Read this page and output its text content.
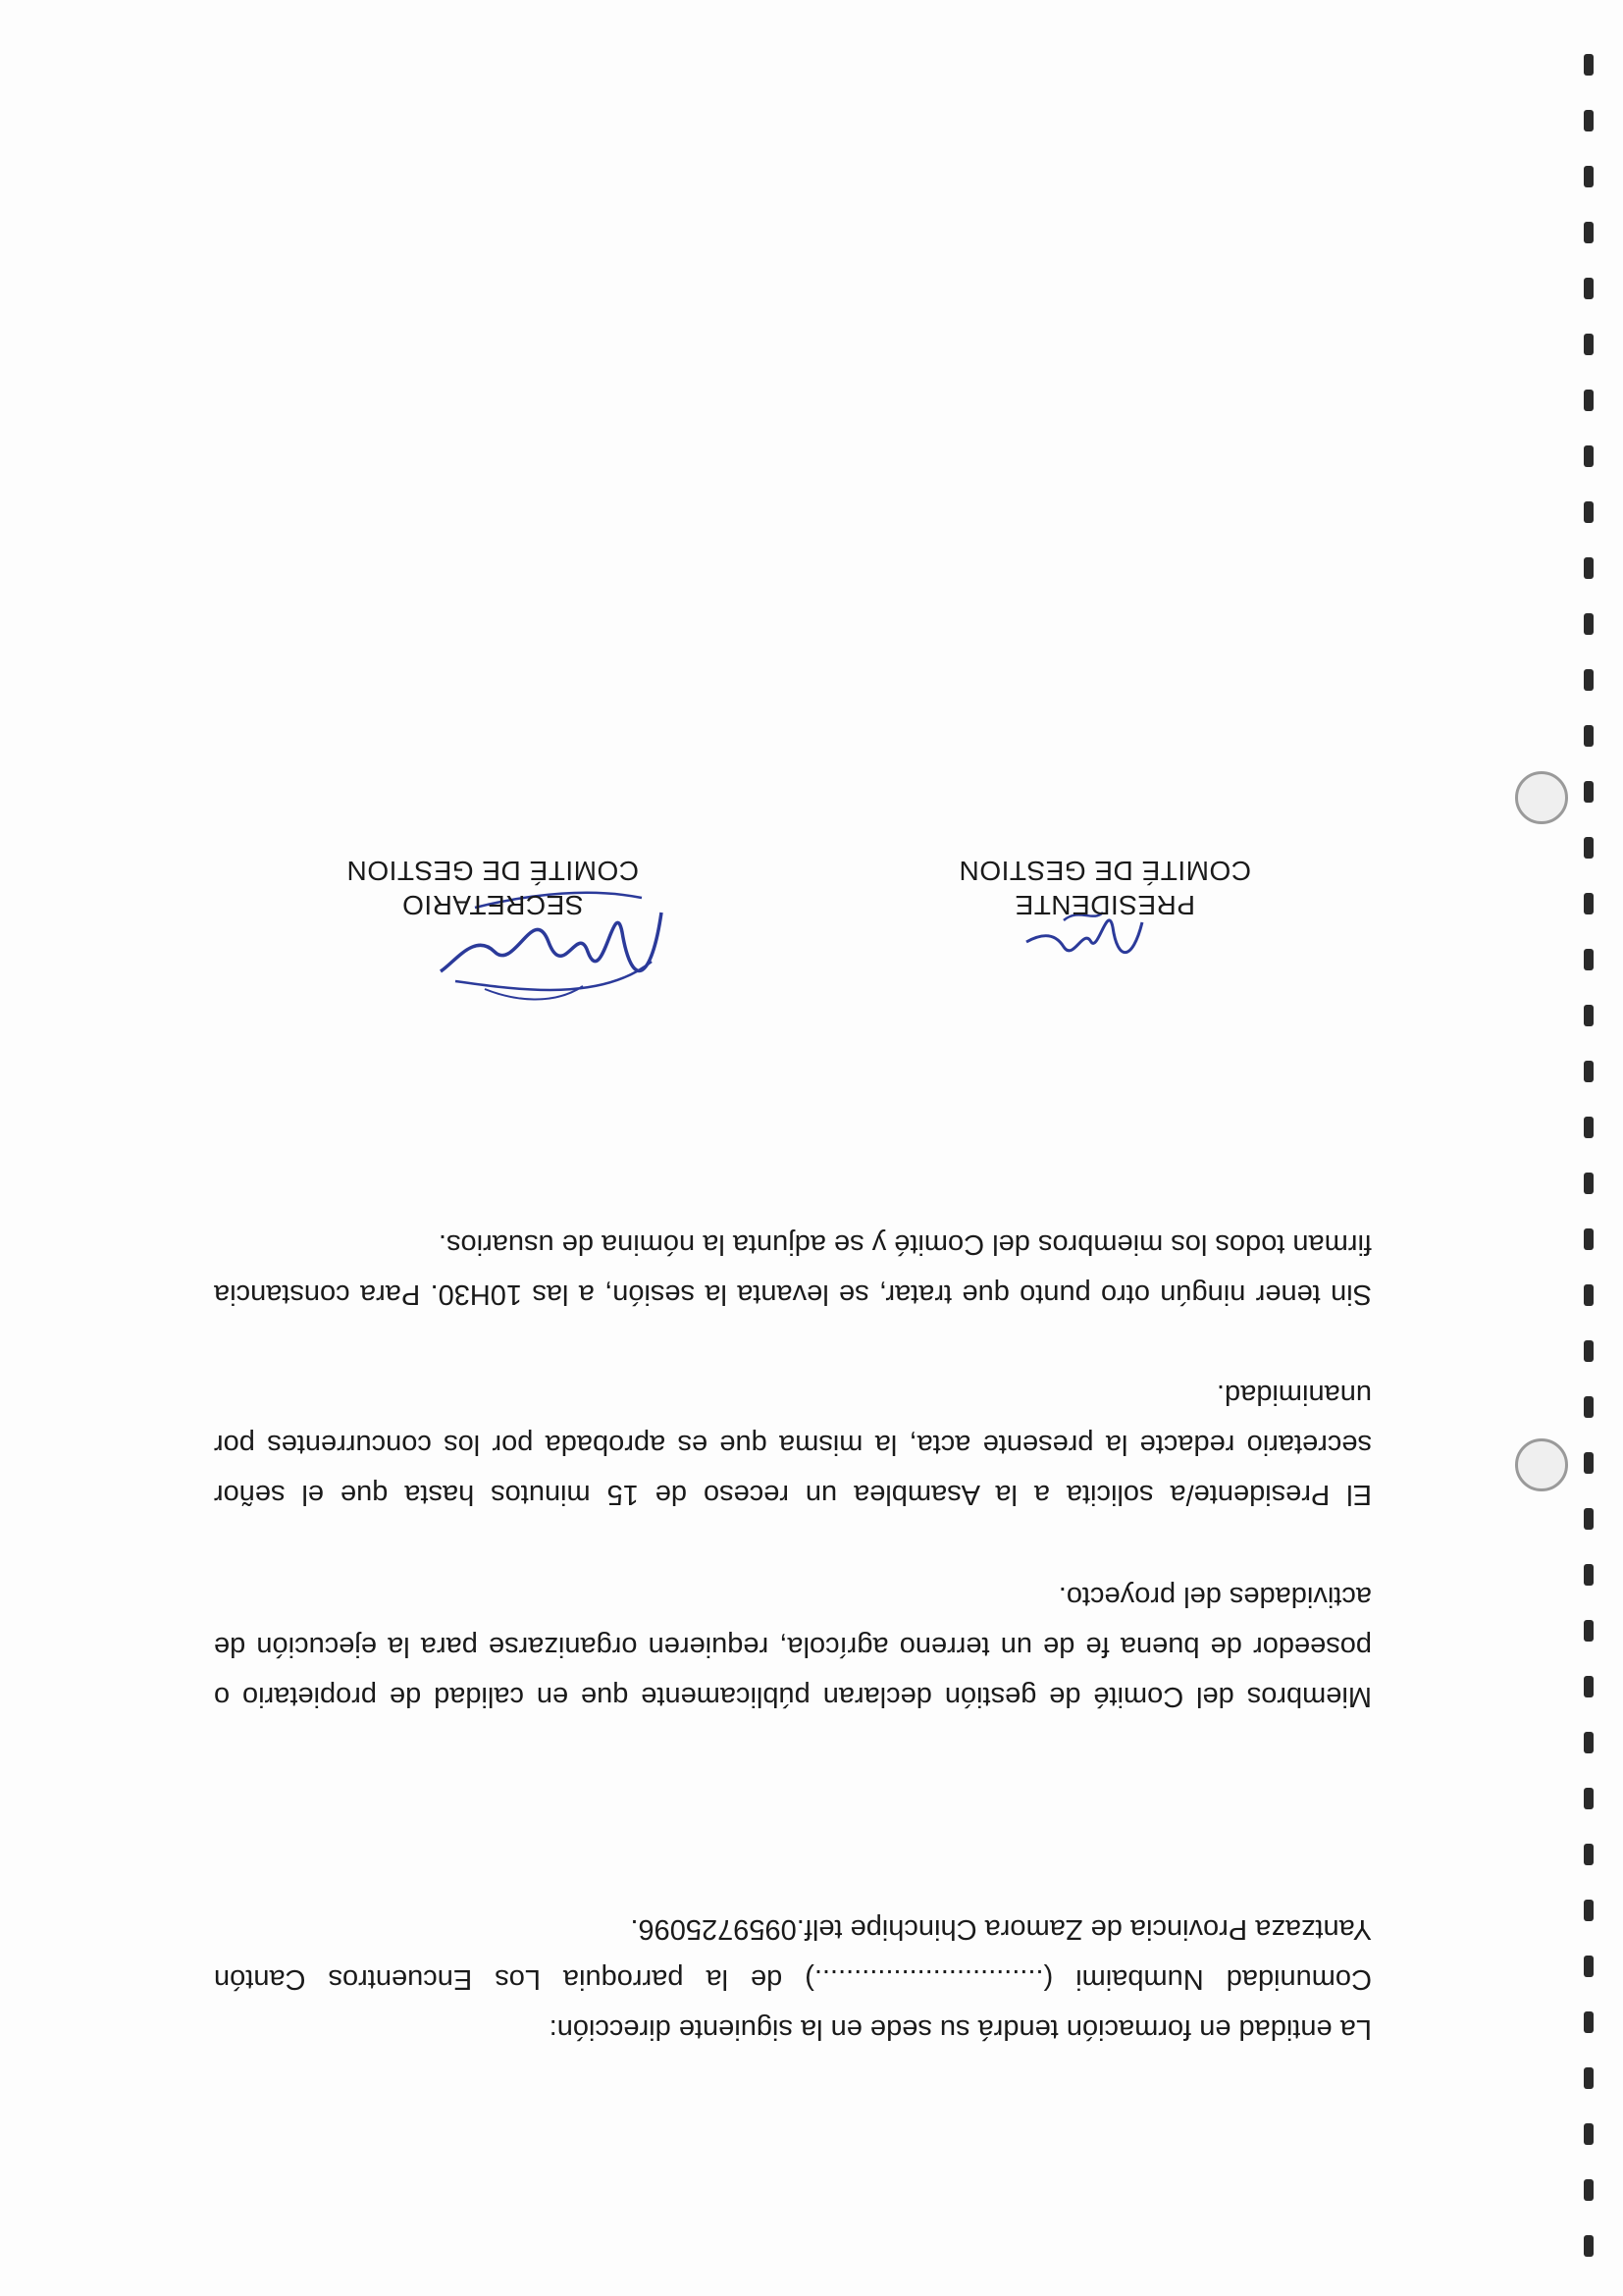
La entidad en formación tendrá su sede en la siguiente dirección:

Comunidad Numbaimi (.............................) de la parroquia Los Encuentros Cantón Yantzaza Provincia de Zamora Chinchipe telf.0959725096.

Miembros del Comité de gestión declaran públicamente que en calidad de propietario o poseedor de buena fe de un terreno agrícola, requieren organizarse para la ejecución de actividades del proyecto.

El Presidente/a solicita a la Asamblea un receso de 15 minutos hasta que el señor secretario redacte la presente acta, la misma que es aprobada por los concurrentes por unanimidad.

Sin tener ningún otro punto que tratar, se levanta la sesión, a las 10H30. Para constancia firman todos los miembros del Comité y se adjunta la nómina de usuarios.

PRESIDENTE
COMITÉ DE GESTION
SECRETARIO
COMITÉ DE GESTION
